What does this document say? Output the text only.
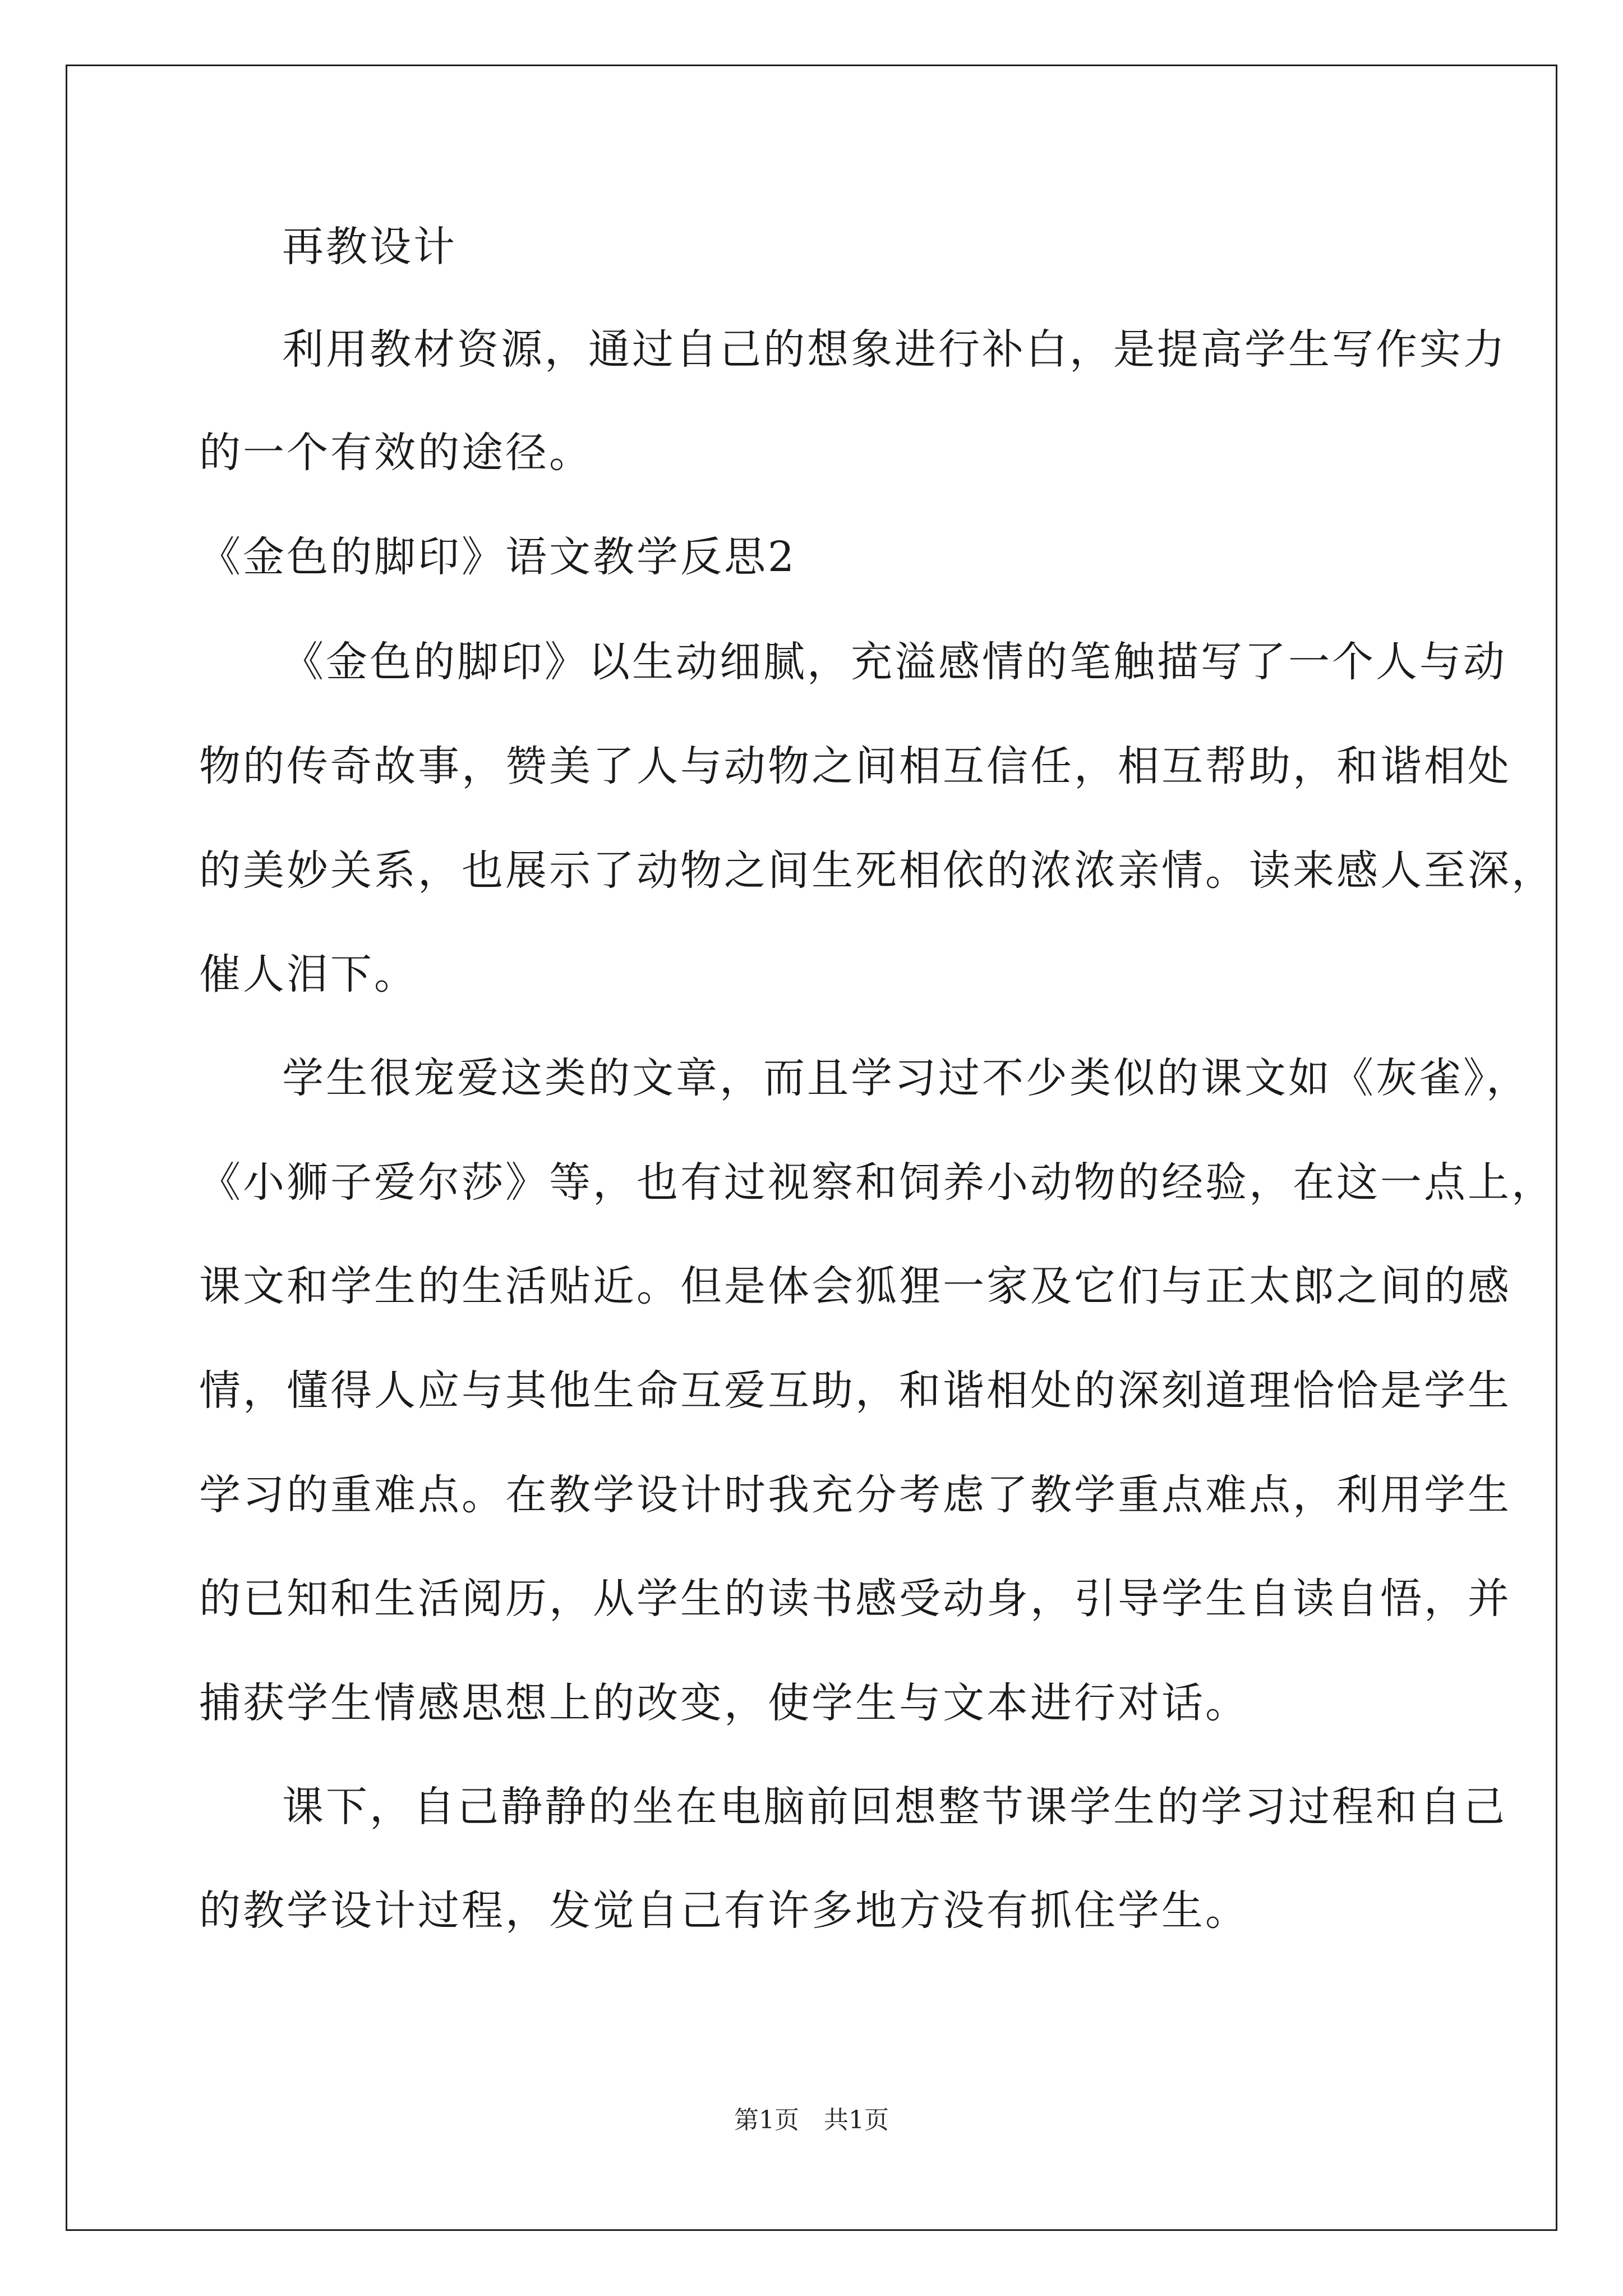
再教设计
利用教材资源，通过自己的想象进行补白，是提高学生写作实力
的一个有效的途径。
《金色的脚印》语文教学反思2
《金色的脚印》以生动细腻，充溢感情的笔触描写了一个人与动
物的传奇故事，赞美了人与动物之间相互信任，相互帮助，和谐相处
的美妙关系，也展示了动物之间生死相依的浓浓亲情。读来感人至深，
催人泪下。
学生很宠爱这类的文章，而且学习过不少类似的课文如《灰雀》，
《小狮子爱尔莎》等，也有过视察和饲养小动物的经验，在这一点上，
课文和学生的生活贴近。但是体会狐狸一家及它们与正太郎之间的感
情，懂得人应与其他生命互爱互助，和谐相处的深刻道理恰恰是学生
学习的重难点。在教学设计时我充分考虑了教学重点难点，利用学生
的已知和生活阅历，从学生的读书感受动身，引导学生自读自悟，并
捕获学生情感思想上的改变，使学生与文本进行对话。
课下，自己静静的坐在电脑前回想整节课学生的学习过程和自己
的教学设计过程，发觉自己有许多地方没有抓住学生。
第1页　共1页
